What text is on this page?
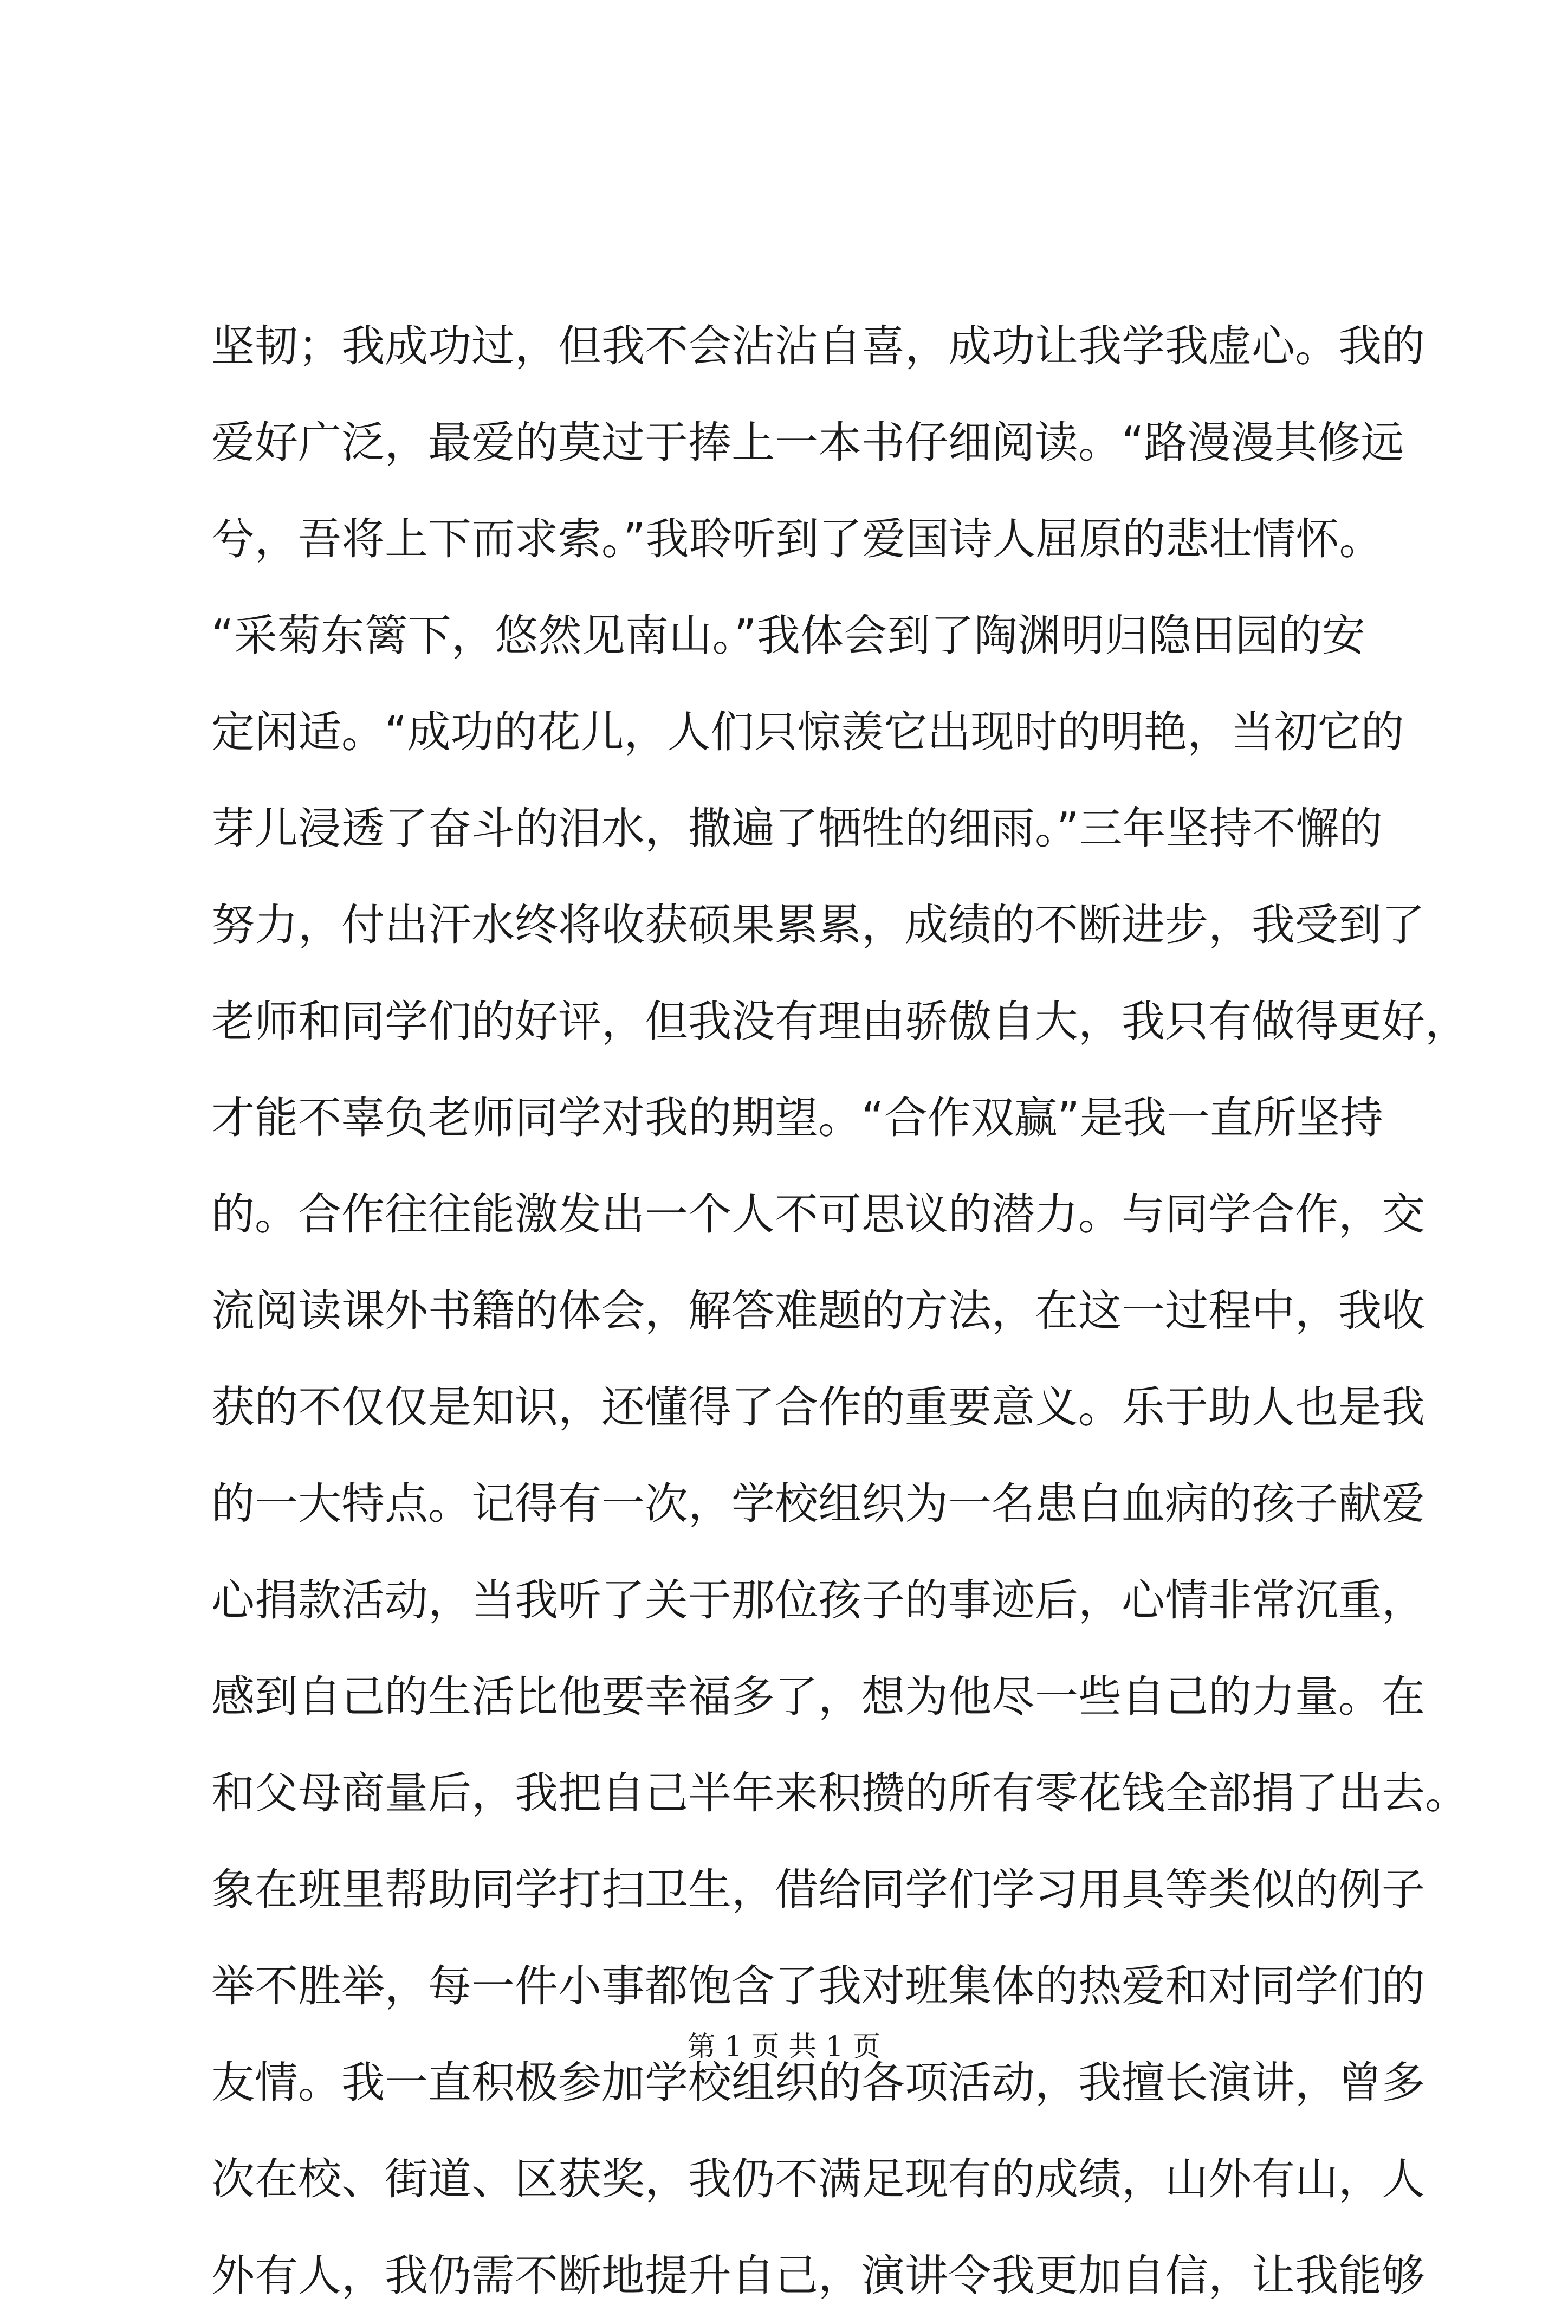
坚韧；我成功过，但我不会沾沾自喜，成功让我学我虚心。我的
爱好广泛，最爱的莫过于捧上一本书仔细阅读。“路漫漫其修远
兮，吾将上下而求索。”我聆听到了爱国诗人屈原的悲壮情怀。
“采菊东篱下，悠然见南山。”我体会到了陶渊明归隐田园的安
定闲适。“成功的花儿，人们只惊羡它出现时的明艳，当初它的
芽儿浸透了奋斗的泪水，撒遍了牺牲的细雨。”三年坚持不懈的
努力，付出汗水终将收获硕果累累，成绩的不断进步，我受到了
老师和同学们的好评，但我没有理由骄傲自大，我只有做得更好，
才能不辜负老师同学对我的期望。“合作双赢”是我一直所坚持
的。合作往往能激发出一个人不可思议的潜力。与同学合作，交
流阅读课外书籍的体会，解答难题的方法，在这一过程中，我收
获的不仅仅是知识，还懂得了合作的重要意义。乐于助人也是我
的一大特点。记得有一次，学校组织为一名患白血病的孩子献爱
心捐款活动，当我听了关于那位孩子的事迹后，心情非常沉重，
感到自己的生活比他要幸福多了，想为他尽一些自己的力量。在
和父母商量后，我把自己半年来积攒的所有零花钱全部捐了出去。
象在班里帮助同学打扫卫生，借给同学们学习用具等类似的例子
举不胜举，每一件小事都饱含了我对班集体的热爱和对同学们的
友情。我一直积极参加学校组织的各项活动，我擅长演讲，曾多
次在校、街道、区获奖，我仍不满足现有的成绩，山外有山，人
外有人，我仍需不断地提升自己，演讲令我更加自信，让我能够
第 1 页 共 1 页
